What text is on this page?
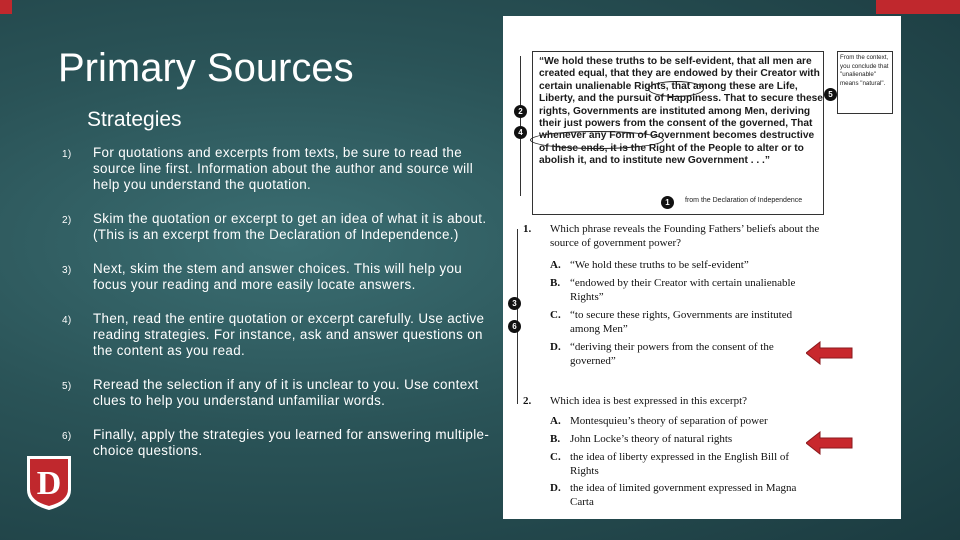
Primary Sources
Strategies
1)	For quotations and excerpts from texts, be sure to read the source line first. Information about the author and source will help you understand the quotation.
2)	Skim the quotation or excerpt to get an idea of what it is about. (This is an excerpt from the Declaration of Independence.)
3)	Next, skim the stem and answer choices. This will help you focus your reading and more easily locate answers.
4)	Then, read the entire quotation or excerpt carefully. Use active reading strategies. For instance, ask and answer questions on the content as you read.
5)	Reread the selection if any of it is unclear to you. Use context clues to help you understand unfamiliar words.
6)	Finally, apply the strategies you learned for answering multiple-choice questions.
D
“We hold these truths to be self-evident, that all men are created equal, that they are endowed by their Creator with certain unalienable Rights, that among these are Life, Liberty, and the pursuit of Happiness. That to secure these rights, Governments are instituted among Men, deriving their just powers from the consent of the governed, That whenever any Form of Government becomes destructive of these ends, it is the Right of the People to alter or to abolish it, and to institute new Government . . .”
1	from the Declaration of Independence
From the context, you conclude that "unalienable" means "natural".
5
2
4
3
6
1. Which phrase reveals the Founding Fathers’ beliefs about the source of government power?
A. “We hold these truths to be self-evident”
B. “endowed by their Creator with certain unalienable Rights”
C. “to secure these rights, Governments are instituted among Men”
D. “deriving their powers from the consent of the governed”
2. Which idea is best expressed in this excerpt?
A. Montesquieu’s theory of separation of power
B. John Locke’s theory of natural rights
C. the idea of liberty expressed in the English Bill of Rights
D. the idea of limited government expressed in Magna Carta
